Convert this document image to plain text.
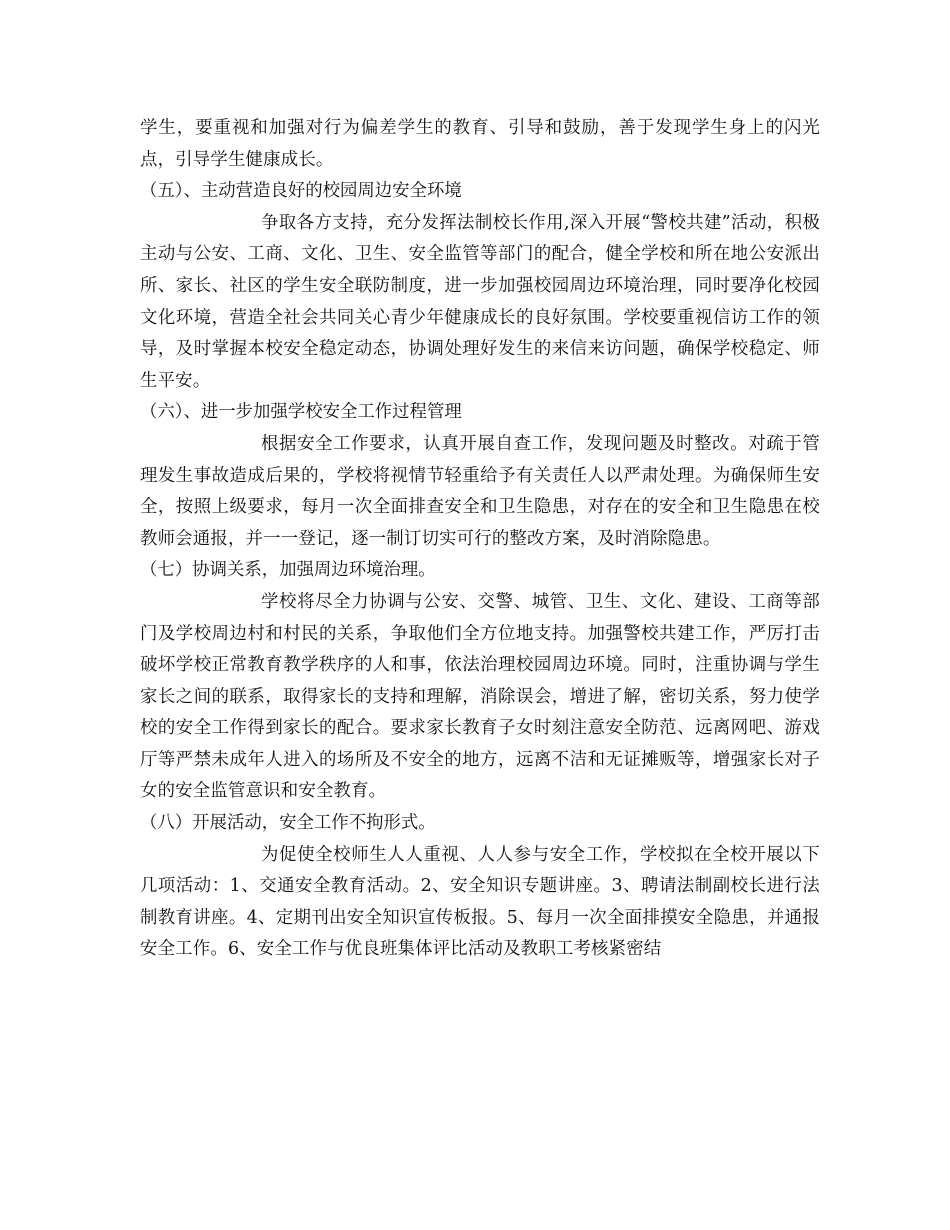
学生，要重视和加强对行为偏差学生的教育、引导和鼓励，善于发现学生身上的闪光点，引导学生健康成长。

（五）、主动营造良好的校园周边安全环境

争取各方支持，充分发挥法制校长作用,深入开展“警校共建”活动，积极主动与公安、工商、文化、卫生、安全监管等部门的配合，健全学校和所在地公安派出所、家长、社区的学生安全联防制度，进一步加强校园周边环境治理，同时要净化校园文化环境，营造全社会共同关心青少年健康成长的良好氛围。学校要重视信访工作的领导，及时掌握本校安全稳定动态，协调处理好发生的来信来访问题，确保学校稳定、师生平安。

（六）、进一步加强学校安全工作过程管理

根据安全工作要求，认真开展自查工作，发现问题及时整改。对疏于管理发生事故造成后果的，学校将视情节轻重给予有关责任人以严肃处理。为确保师生安全，按照上级要求，每月一次全面排查安全和卫生隐患，对存在的安全和卫生隐患在校教师会通报，并一一登记，逐一制订切实可行的整改方案，及时消除隐患。

（七）协调关系，加强周边环境治理。

学校将尽全力协调与公安、交警、城管、卫生、文化、建设、工商等部门及学校周边村和村民的关系，争取他们全方位地支持。加强警校共建工作，严厉打击破坏学校正常教育教学秩序的人和事，依法治理校园周边环境。同时，注重协调与学生家长之间的联系，取得家长的支持和理解，消除误会，增进了解，密切关系，努力使学校的安全工作得到家长的配合。要求家长教育子女时刻注意安全防范、远离网吧、游戏厅等严禁未成年人进入的场所及不安全的地方，远离不洁和无证摊贩等，增强家长对子女的安全监管意识和安全教育。

（八）开展活动，安全工作不拘形式。

为促使全校师生人人重视、人人参与安全工作，学校拟在全校开展以下几项活动：1、交通安全教育活动。2、安全知识专题讲座。3、聘请法制副校长进行法制教育讲座。4、定期刊出安全知识宣传板报。5、每月一次全面排摸安全隐患，并通报安全工作。6、安全工作与优良班集体评比活动及教职工考核紧密结
